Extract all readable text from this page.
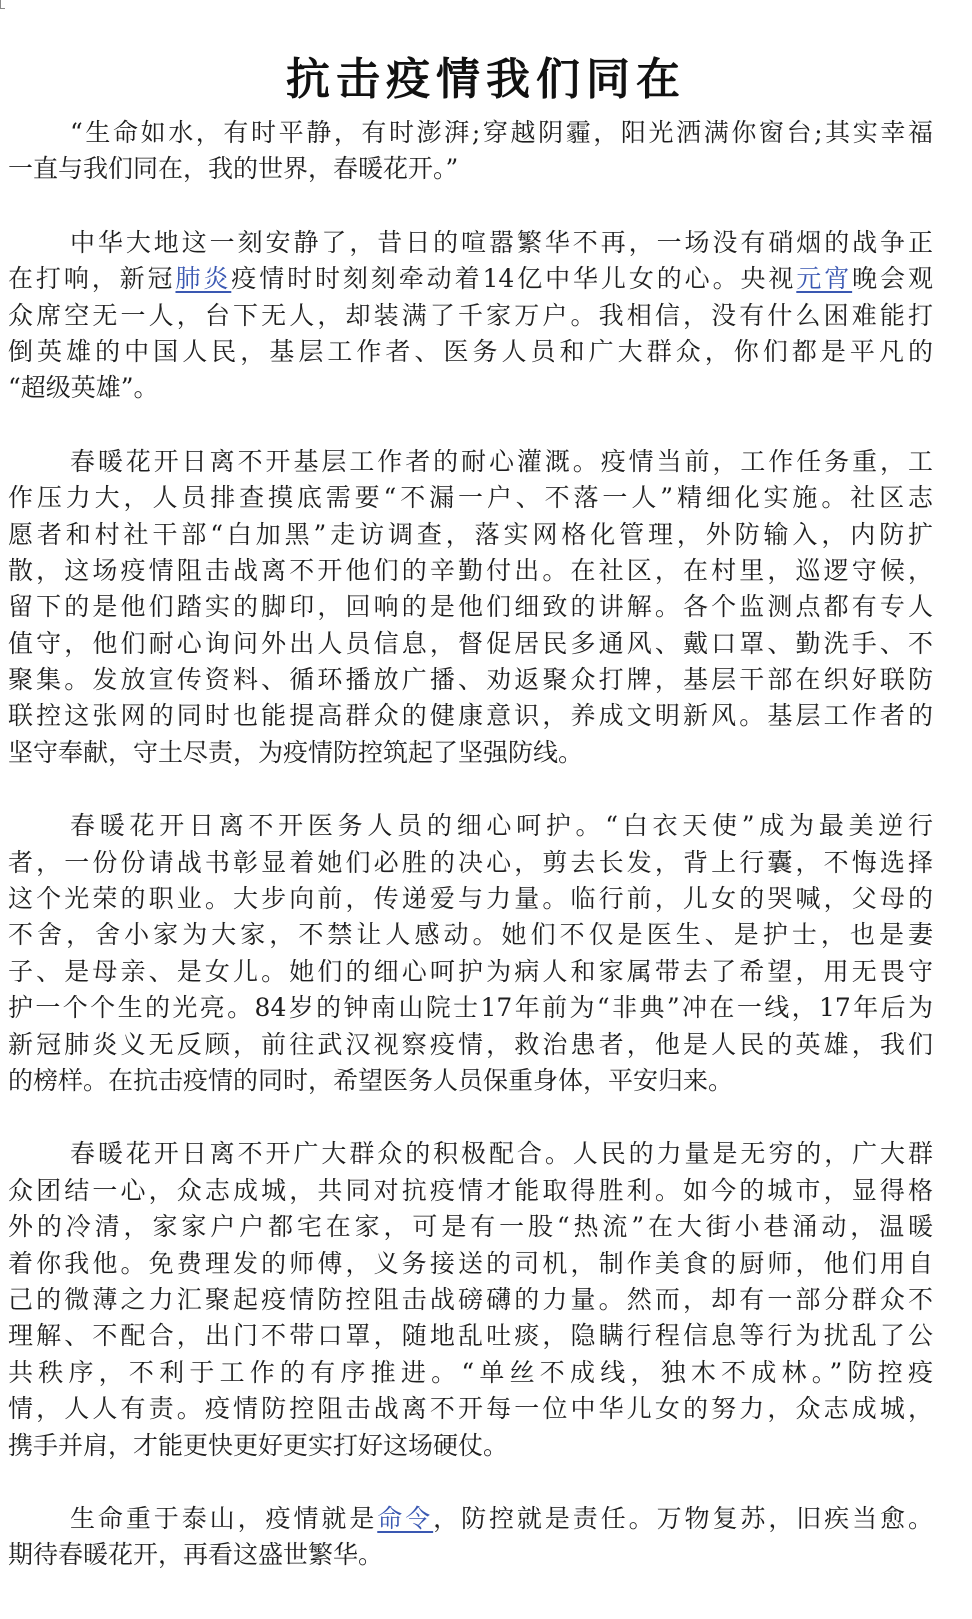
抗击疫情我们同在
“生命如水，有时平静，有时澎湃;穿越阴霾，阳光洒满你窗台;其实幸福
一直与我们同在，我的世界，春暖花开。”
中华大地这一刻安静了，昔日的喧嚣繁华不再，一场没有硝烟的战争正
在打响，新冠肺炎疫情时时刻刻牵动着14亿中华儿女的心。央视元宵晚会观
众席空无一人，台下无人，却装满了千家万户。我相信，没有什么困难能打
倒英雄的中国人民，基层工作者、医务人员和广大群众，你们都是平凡的
“超级英雄”。
春暖花开日离不开基层工作者的耐心灌溉。疫情当前，工作任务重，工
作压力大，人员排查摸底需要“不漏一户、不落一人”精细化实施。社区志
愿者和村社干部“白加黑”走访调查，落实网格化管理，外防输入，内防扩
散，这场疫情阻击战离不开他们的辛勤付出。在社区，在村里，巡逻守候，
留下的是他们踏实的脚印，回响的是他们细致的讲解。各个监测点都有专人
值守，他们耐心询问外出人员信息，督促居民多通风、戴口罩、勤洗手、不
聚集。发放宣传资料、循环播放广播、劝返聚众打牌，基层干部在织好联防
联控这张网的同时也能提高群众的健康意识，养成文明新风。基层工作者的
坚守奉献，守土尽责，为疫情防控筑起了坚强防线。
春暖花开日离不开医务人员的细心呵护。“白衣天使”成为最美逆行
者，一份份请战书彰显着她们必胜的决心，剪去长发，背上行囊，不悔选择
这个光荣的职业。大步向前，传递爱与力量。临行前，儿女的哭喊，父母的
不舍，舍小家为大家，不禁让人感动。她们不仅是医生、是护士，也是妻
子、是母亲、是女儿。她们的细心呵护为病人和家属带去了希望，用无畏守
护一个个生的光亮。84岁的钟南山院士17年前为“非典”冲在一线，17年后为
新冠肺炎义无反顾，前往武汉视察疫情，救治患者，他是人民的英雄，我们
的榜样。在抗击疫情的同时，希望医务人员保重身体，平安归来。
春暖花开日离不开广大群众的积极配合。人民的力量是无穷的，广大群
众团结一心，众志成城，共同对抗疫情才能取得胜利。如今的城市，显得格
外的冷清，家家户户都宅在家，可是有一股“热流”在大街小巷涌动，温暖
着你我他。免费理发的师傅，义务接送的司机，制作美食的厨师，他们用自
己的微薄之力汇聚起疫情防控阻击战磅礴的力量。然而，却有一部分群众不
理解、不配合，出门不带口罩，随地乱吐痰，隐瞒行程信息等行为扰乱了公
共秩序，不利于工作的有序推进。“单丝不成线，独木不成林。”防控疫
情，人人有责。疫情防控阻击战离不开每一位中华儿女的努力，众志成城，
携手并肩，才能更快更好更实打好这场硬仗。
生命重于泰山，疫情就是命令，防控就是责任。万物复苏，旧疾当愈。
期待春暖花开，再看这盛世繁华。
